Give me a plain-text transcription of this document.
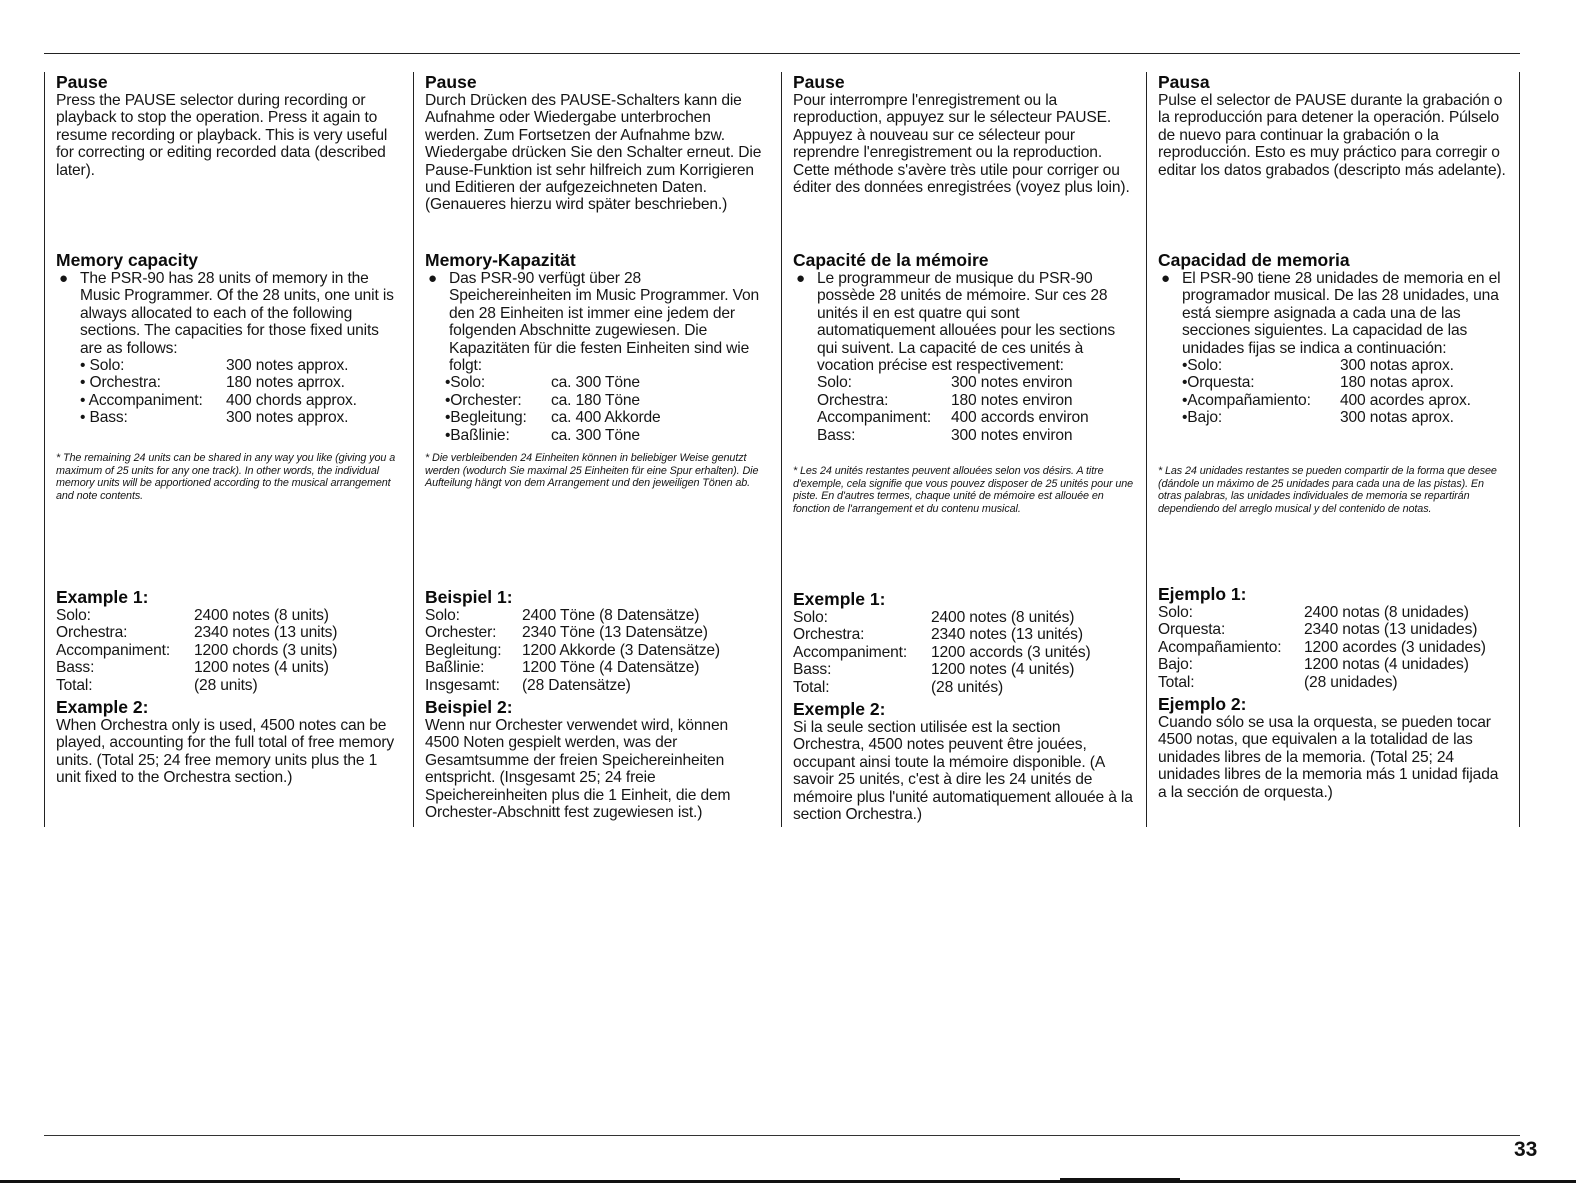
Pause

Press the PAUSE selector during recording or playback to stop the operation. Press it again to resume recording or playback. This is very useful for correcting or editing recorded data (described later).

Memory capacity

● The PSR-90 has 28 units of memory in the Music Programmer. Of the 28 units, one unit is always allocated to each of the following sections. The capacities for those fixed units are as follows:

• Solo:	300 notes approx.
• Orchestra:	180 notes aprrox.
• Accompaniment:	400 chords approx.
• Bass:	300 notes approx.

* The remaining 24 units can be shared in any way you like (giving you a maximum of 25 units for any one track). In other words, the individual memory units will be apportioned according to the musical arrangement and note contents.

Example 1:
Solo:	2400 notes (8 units)
Orchestra:	2340 notes (13 units)
Accompaniment:	1200 chords (3 units)
Bass:	1200 notes (4 units)
Total:	(28 units)
Example 2:

When Orchestra only is used, 4500 notes can be played, accounting for the full total of free memory units. (Total 25; 24 free memory units plus the 1 unit fixed to the Orchestra section.)

Pause

Durch Drücken des PAUSE-Schalters kann die Aufnahme oder Wiedergabe unterbrochen werden. Zum Fortsetzen der Aufnahme bzw. Wiedergabe drücken Sie den Schalter erneut. Die Pause-Funktion ist sehr hilfreich zum Korrigieren und Editieren der aufgezeichneten Daten. (Genaueres hierzu wird später beschrieben.)

Memory-Kapazität

● Das PSR-90 verfügt über 28 Speichereinheiten im Music Programmer. Von den 28 Einheiten ist immer eine jedem der folgenden Abschnitte zugewiesen. Die Kapazitäten für die festen Einheiten sind wie folgt:

•Solo:	ca. 300 Töne
•Orchester:	ca. 180 Töne
•Begleitung:	ca. 400 Akkorde
•Baßlinie:	ca. 300 Töne

* Die verbleibenden 24 Einheiten können in beliebiger Weise genutzt werden (wodurch Sie maximal 25 Einheiten für eine Spur erhalten). Die Aufteilung hängt von dem Arrangement und den jeweiligen Tönen ab.

Beispiel 1:
Solo:	2400 Töne (8 Datensätze)
Orchester:	2340 Töne (13 Datensätze)
Begleitung:	1200 Akkorde (3 Datensätze)
Baßlinie:	1200 Töne (4 Datensätze)
Insgesamt:	(28 Datensätze)
Beispiel 2:

Wenn nur Orchester verwendet wird, können 4500 Noten gespielt werden, was der Gesamtsumme der freien Speichereinheiten entspricht. (Insgesamt 25; 24 freie Speichereinheiten plus die 1 Einheit, die dem Orchester-Abschnitt fest zugewiesen ist.)

Pause

Pour interrompre l'enregistrement ou la reproduction, appuyez sur le sélecteur PAUSE. Appuyez à nouveau sur ce sélecteur pour reprendre l'enregistrement ou la reproduction. Cette méthode s'avère très utile pour corriger ou éditer des données enregistrées (voyez plus loin).

Capacité de la mémoire

● Le programmeur de musique du PSR-90 possède 28 unités de mémoire. Sur ces 28 unités il en est quatre qui sont automatiquement allouées pour les sections qui suivent. La capacité de ces unités à vocation précise est respectivement:

Solo:	300 notes environ
Orchestra:	180 notes environ
Accompaniment:	400 accords environ
Bass:	300 notes environ

* Les 24 unités restantes peuvent allouées selon vos désirs. A titre d'exemple, cela signifie que vous pouvez disposer de 25 unités pour une piste. En d'autres termes, chaque unité de mémoire est allouée en fonction de l'arrangement et du contenu musical.

Exemple 1:
Solo:	2400 notes (8 unités)
Orchestra:	2340 notes (13 unités)
Accompaniment:	1200 accords (3 unités)
Bass:	1200 notes (4 unités)
Total:	(28 unités)
Exemple 2:

Si la seule section utilisée est la section Orchestra, 4500 notes peuvent être jouées, occupant ainsi toute la mémoire disponible. (A savoir 25 unités, c'est à dire les 24 unités de mémoire plus l'unité automatiquement allouée à la section Orchestra.)

Pausa

Pulse el selector de PAUSE durante la grabación o la reproducción para detener la operación. Púlselo de nuevo para continuar la grabación o la reproducción. Esto es muy práctico para corregir o editar los datos grabados (descripto más adelante).

Capacidad de memoria

● El PSR-90 tiene 28 unidades de memoria en el programador musical. De las 28 unidades, una está siempre asignada a cada una de las secciones siguientes. La capacidad de las unidades fijas se indica a continuación:

•Solo:	300 notas aprox.
•Orquesta:	180 notas aprox.
•Acompañamiento:	400 acordes aprox.
•Bajo:	300 notas aprox.

* Las 24 unidades restantes se pueden compartir de la forma que desee (dándole un máximo de 25 unidades para cada una de las pistas). En otras palabras, las unidades individuales de memoria se repartirán dependiendo del arreglo musical y del contenido de notas.

Ejemplo 1:
Solo:	2400 notas (8 unidades)
Orquesta:	2340 notas (13 unidades)
Acompañamiento:	1200 acordes (3 unidades)
Bajo:	1200 notas (4 unidades)
Total:	(28 unidades)
Ejemplo 2:

Cuando sólo se usa la orquesta, se pueden tocar 4500 notas, que equivalen a la totalidad de las unidades libres de la memoria. (Total 25; 24 unidades libres de la memoria más 1 unidad fijada a la sección de orquesta.)

33
